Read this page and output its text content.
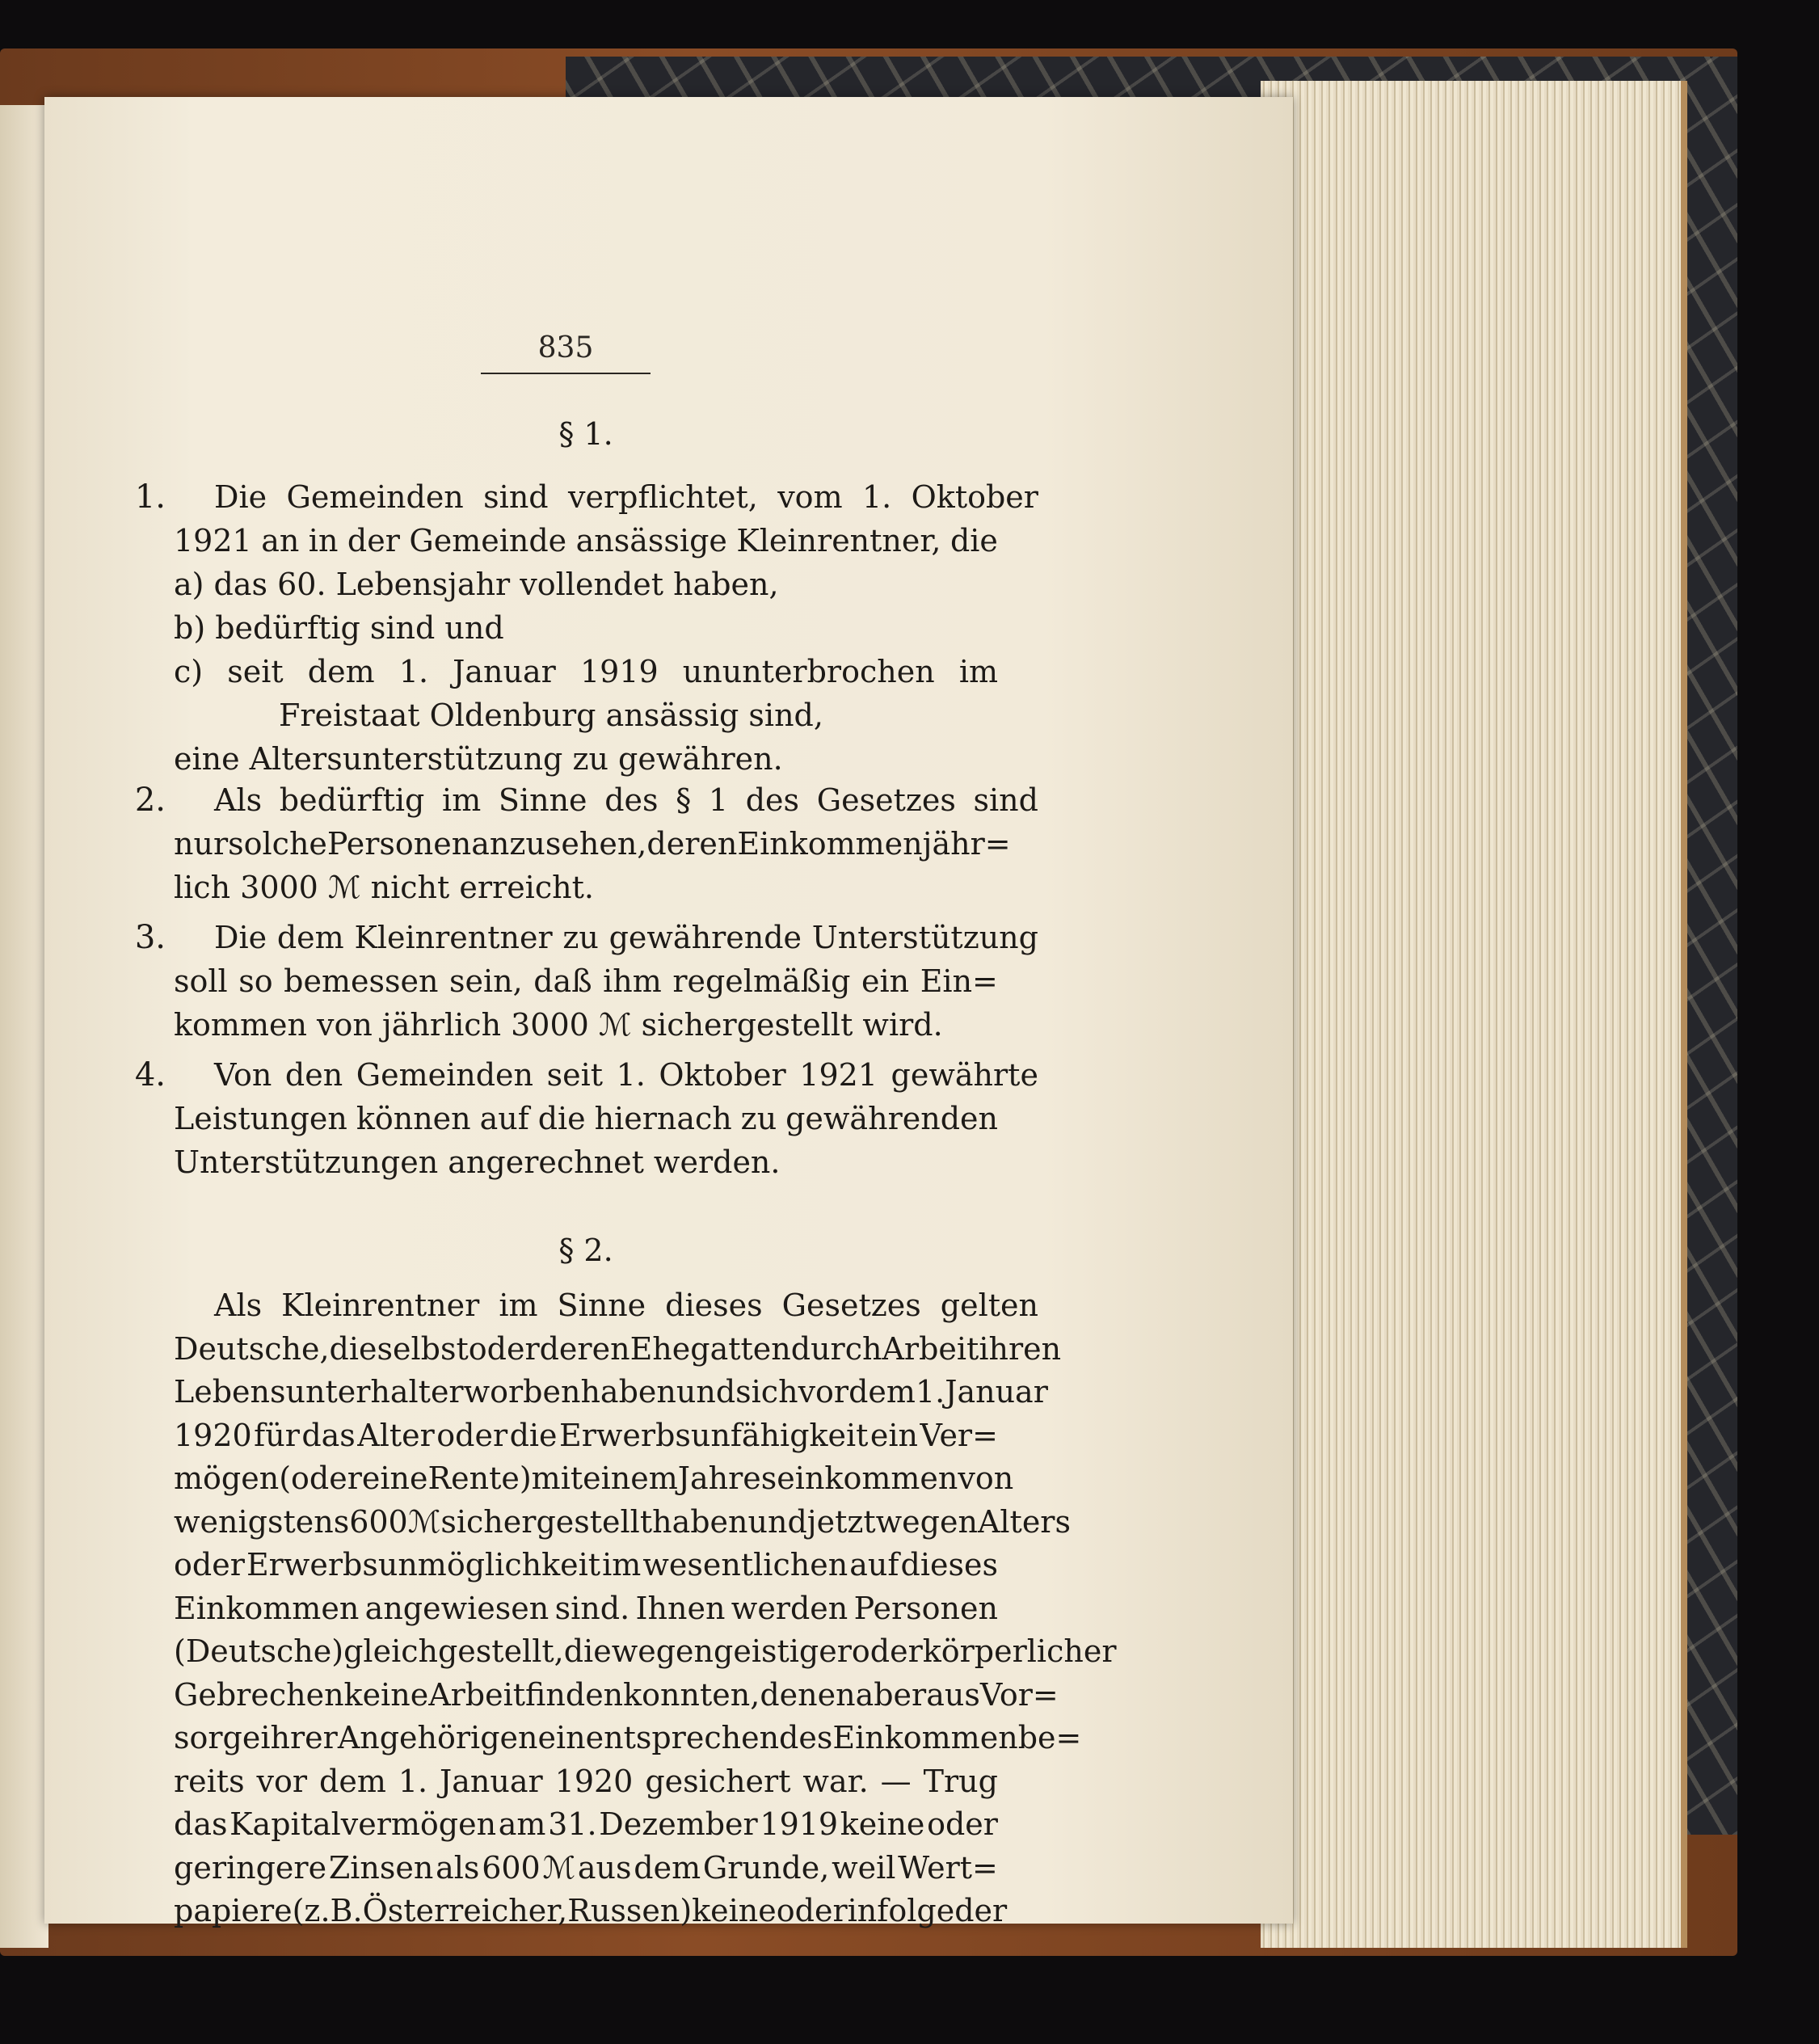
835
§ 1.
1. Die Gemeinden sind verpflichtet, vom 1. Oktober
1921 an in der Gemeinde ansässige Kleinrentner, die
a) das 60. Lebensjahr vollendet haben,
b) bedürftig sind und
c) seit dem 1. Januar 1919 ununterbrochen im
Freistaat Oldenburg ansässig sind,
eine Altersunterstützung zu gewähren.
2. Als bedürftig im Sinne des § 1 des Gesetzes sind
nur solche Personen anzusehen, deren Einkommen jähr=
lich 3000 ℳ nicht erreicht.
3. Die dem Kleinrentner zu gewährende Unterstützung
soll so bemessen sein, daß ihm regelmäßig ein Ein=
kommen von jährlich 3000 ℳ sichergestellt wird.
4. Von den Gemeinden seit 1. Oktober 1921 gewährte
Leistungen können auf die hiernach zu gewährenden
Unterstützungen angerechnet werden.
§ 2.
Als Kleinrentner im Sinne dieses Gesetzes gelten
Deutsche, die selbst oder deren Ehegatten durch Arbeit ihren
Lebensunterhalt erworben haben und sich vor dem 1. Januar
1920 für das Alter oder die Erwerbsunfähigkeit ein Ver=
mögen (oder eine Rente) mit einem Jahreseinkommen von
wenigstens 600 ℳ sichergestellt haben und jetzt wegen Alters
oder Erwerbsunmöglichkeit im wesentlichen auf dieses
Einkommen angewiesen sind. Ihnen werden Personen
(Deutsche) gleichgestellt, die wegen geistiger oder körperlicher
Gebrechen keine Arbeit finden konnten, denen aber aus Vor=
sorge ihrer Angehörigen ein entsprechendes Einkommen be=
reits vor dem 1. Januar 1920 gesichert war. — Trug
das Kapitalvermögen am 31. Dezember 1919 keine oder
geringere Zinsen als 600 ℳ aus dem Grunde, weil Wert=
papiere (z. B. Österreicher, Russen) keine oder infolge der
